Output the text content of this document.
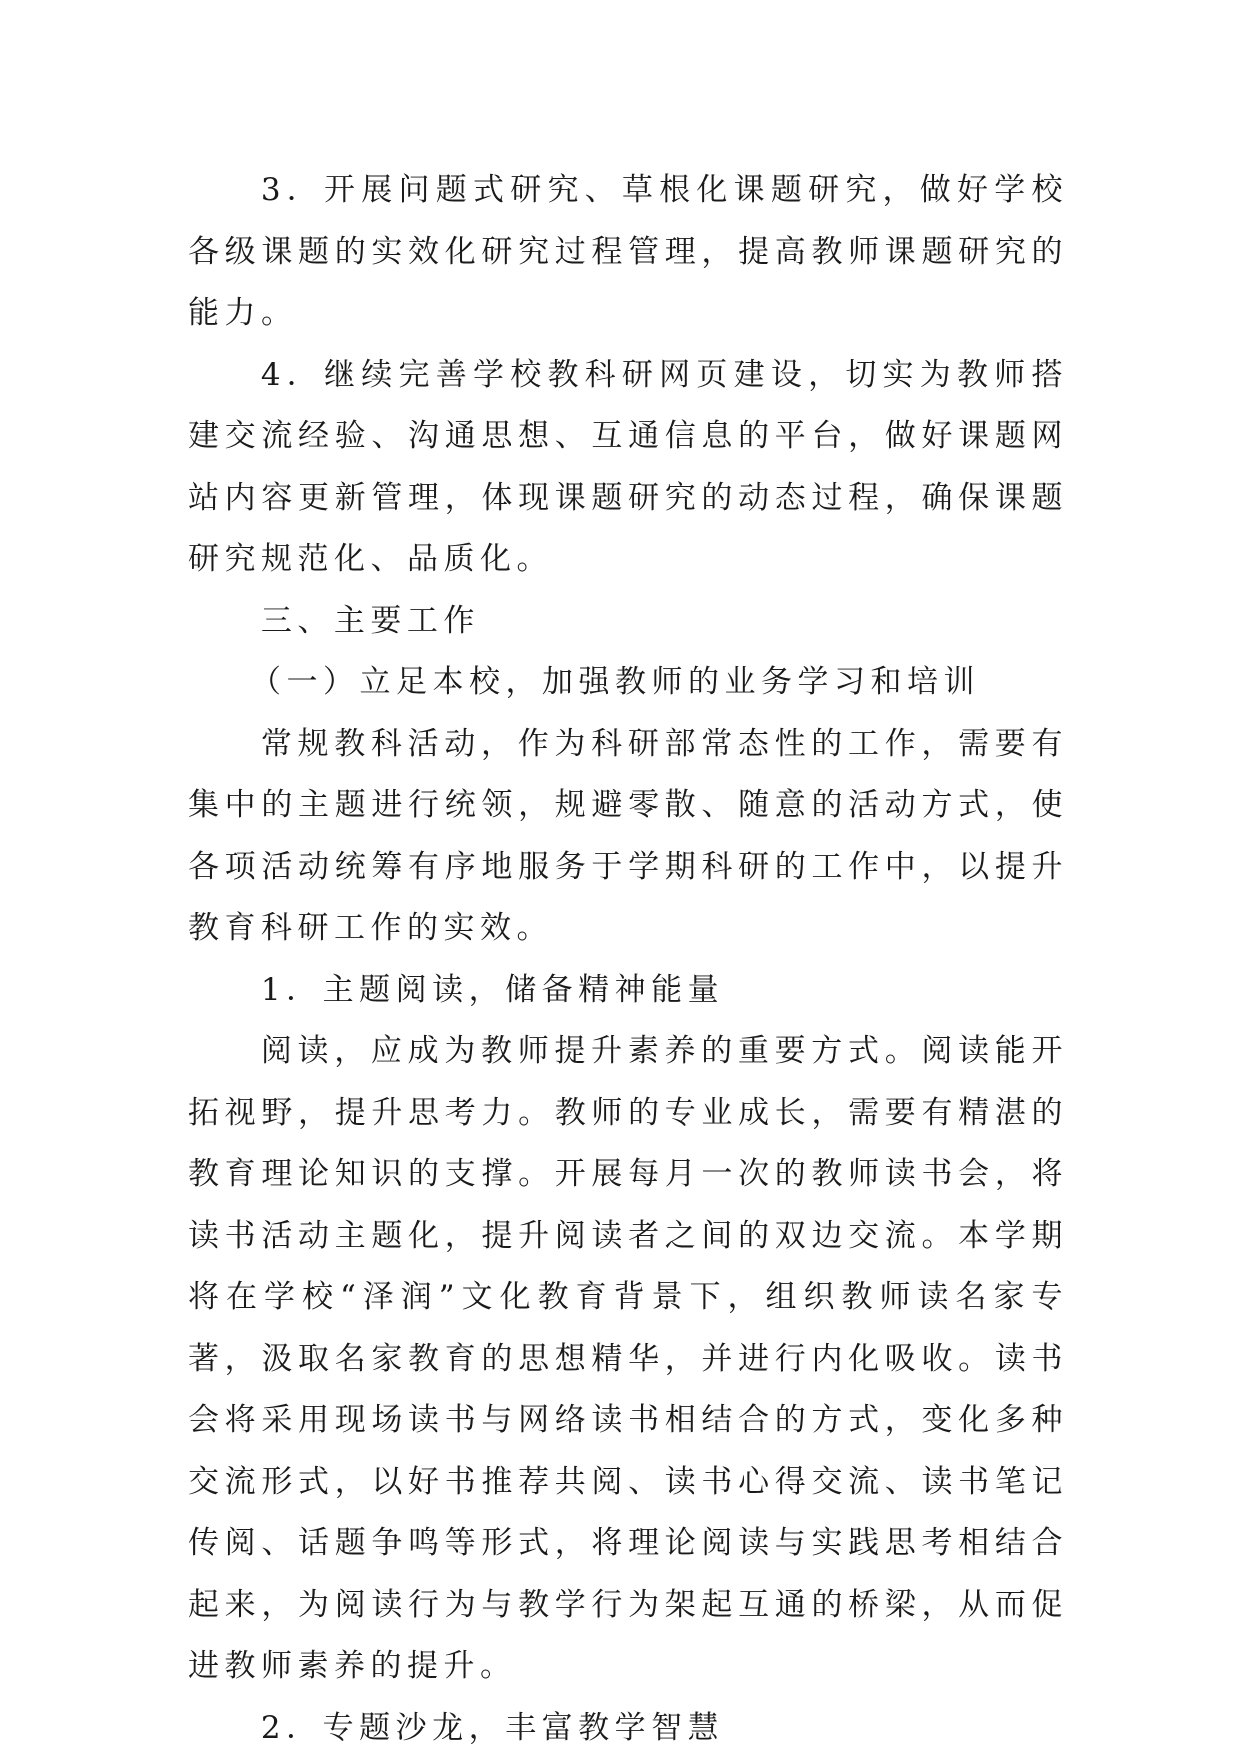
3．开展问题式研究、草根化课题研究，做好学校各级课题的实效化研究过程管理，提高教师课题研究的能力。

4．继续完善学校教科研网页建设，切实为教师搭建交流经验、沟通思想、互通信息的平台，做好课题网站内容更新管理，体现课题研究的动态过程，确保课题研究规范化、品质化。

三、主要工作

（一）立足本校，加强教师的业务学习和培训

常规教科活动，作为科研部常态性的工作，需要有集中的主题进行统领，规避零散、随意的活动方式，使各项活动统筹有序地服务于学期科研的工作中，以提升教育科研工作的实效。

1．主题阅读，储备精神能量

阅读，应成为教师提升素养的重要方式。阅读能开拓视野，提升思考力。教师的专业成长，需要有精湛的教育理论知识的支撑。开展每月一次的教师读书会，将读书活动主题化，提升阅读者之间的双边交流。本学期将在学校“泽润”文化教育背景下，组织教师读名家专著，汲取名家教育的思想精华，并进行内化吸收。读书会将采用现场读书与网络读书相结合的方式，变化多种交流形式，以好书推荐共阅、读书心得交流、读书笔记传阅、话题争鸣等形式，将理论阅读与实践思考相结合起来，为阅读行为与教学行为架起互通的桥梁，从而促进教师素养的提升。

2．专题沙龙，丰富教学智慧
